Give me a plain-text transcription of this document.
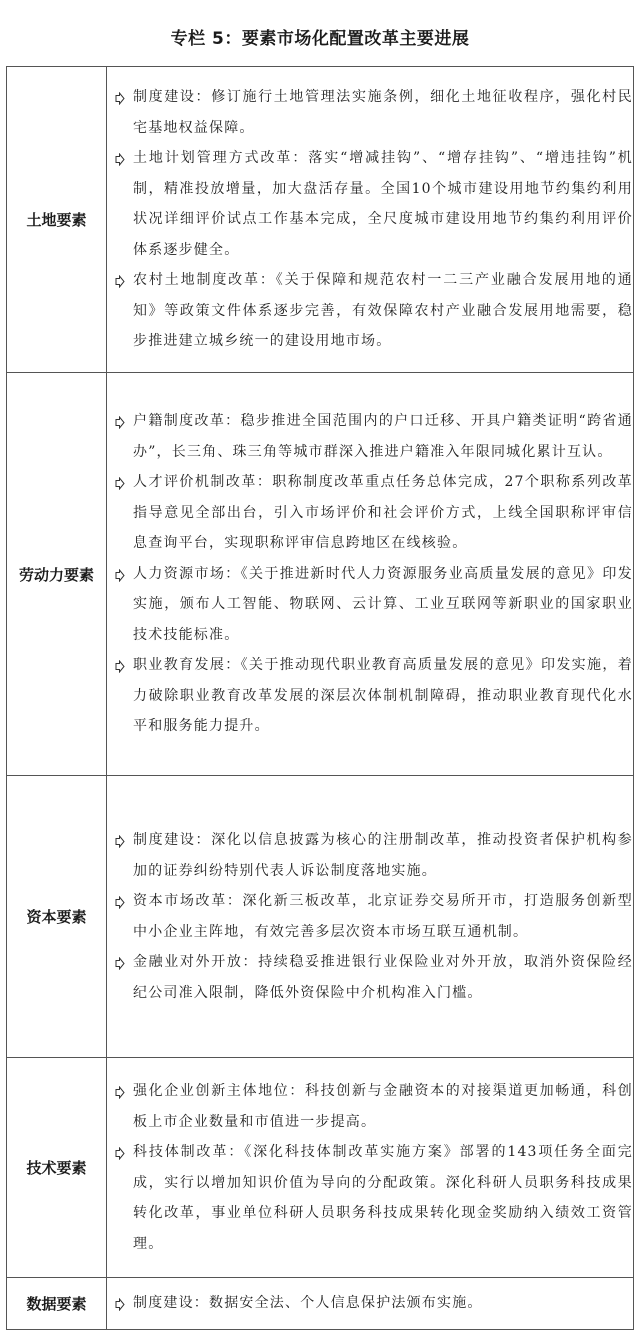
专栏 5：要素市场化配置改革主要进展
土地要素	制度建设：修订施行土地管理法实施条例，细化土地征收程序，强化村民宅基地权益保障。
土地计划管理方式改革：落实“增减挂钩”、“增存挂钩”、“增违挂钩”机制，精准投放增量，加大盘活存量。全国10个城市建设用地节约集约利用状况详细评价试点工作基本完成，全尺度城市建设用地节约集约利用评价体系逐步健全。
农村土地制度改革：《关于保障和规范农村一二三产业融合发展用地的通知》等政策文件体系逐步完善，有效保障农村产业融合发展用地需要，稳步推进建立城乡统一的建设用地市场。

劳动力要素	户籍制度改革：稳步推进全国范围内的户口迁移、开具户籍类证明“跨省通办”，长三角、珠三角等城市群深入推进户籍准入年限同城化累计互认。
人才评价机制改革：职称制度改革重点任务总体完成，27个职称系列改革指导意见全部出台，引入市场评价和社会评价方式，上线全国职称评审信息查询平台，实现职称评审信息跨地区在线核验。
人力资源市场：《关于推进新时代人力资源服务业高质量发展的意见》印发实施，颁布人工智能、物联网、云计算、工业互联网等新职业的国家职业技术技能标准。
职业教育发展：《关于推动现代职业教育高质量发展的意见》印发实施，着力破除职业教育改革发展的深层次体制机制障碍，推动职业教育现代化水平和服务能力提升。

资本要素	制度建设：深化以信息披露为核心的注册制改革，推动投资者保护机构参加的证券纠纷特别代表人诉讼制度落地实施。
资本市场改革：深化新三板改革，北京证券交易所开市，打造服务创新型中小企业主阵地，有效完善多层次资本市场互联互通机制。
金融业对外开放：持续稳妥推进银行业保险业对外开放，取消外资保险经纪公司准入限制，降低外资保险中介机构准入门槛。

技术要素	强化企业创新主体地位：科技创新与金融资本的对接渠道更加畅通，科创板上市企业数量和市值进一步提高。
科技体制改革：《深化科技体制改革实施方案》部署的143项任务全面完成，实行以增加知识价值为导向的分配政策。深化科研人员职务科技成果转化改革，事业单位科研人员职务科技成果转化现金奖励纳入绩效工资管理。

数据要素	制度建设：数据安全法、个人信息保护法颁布实施。
